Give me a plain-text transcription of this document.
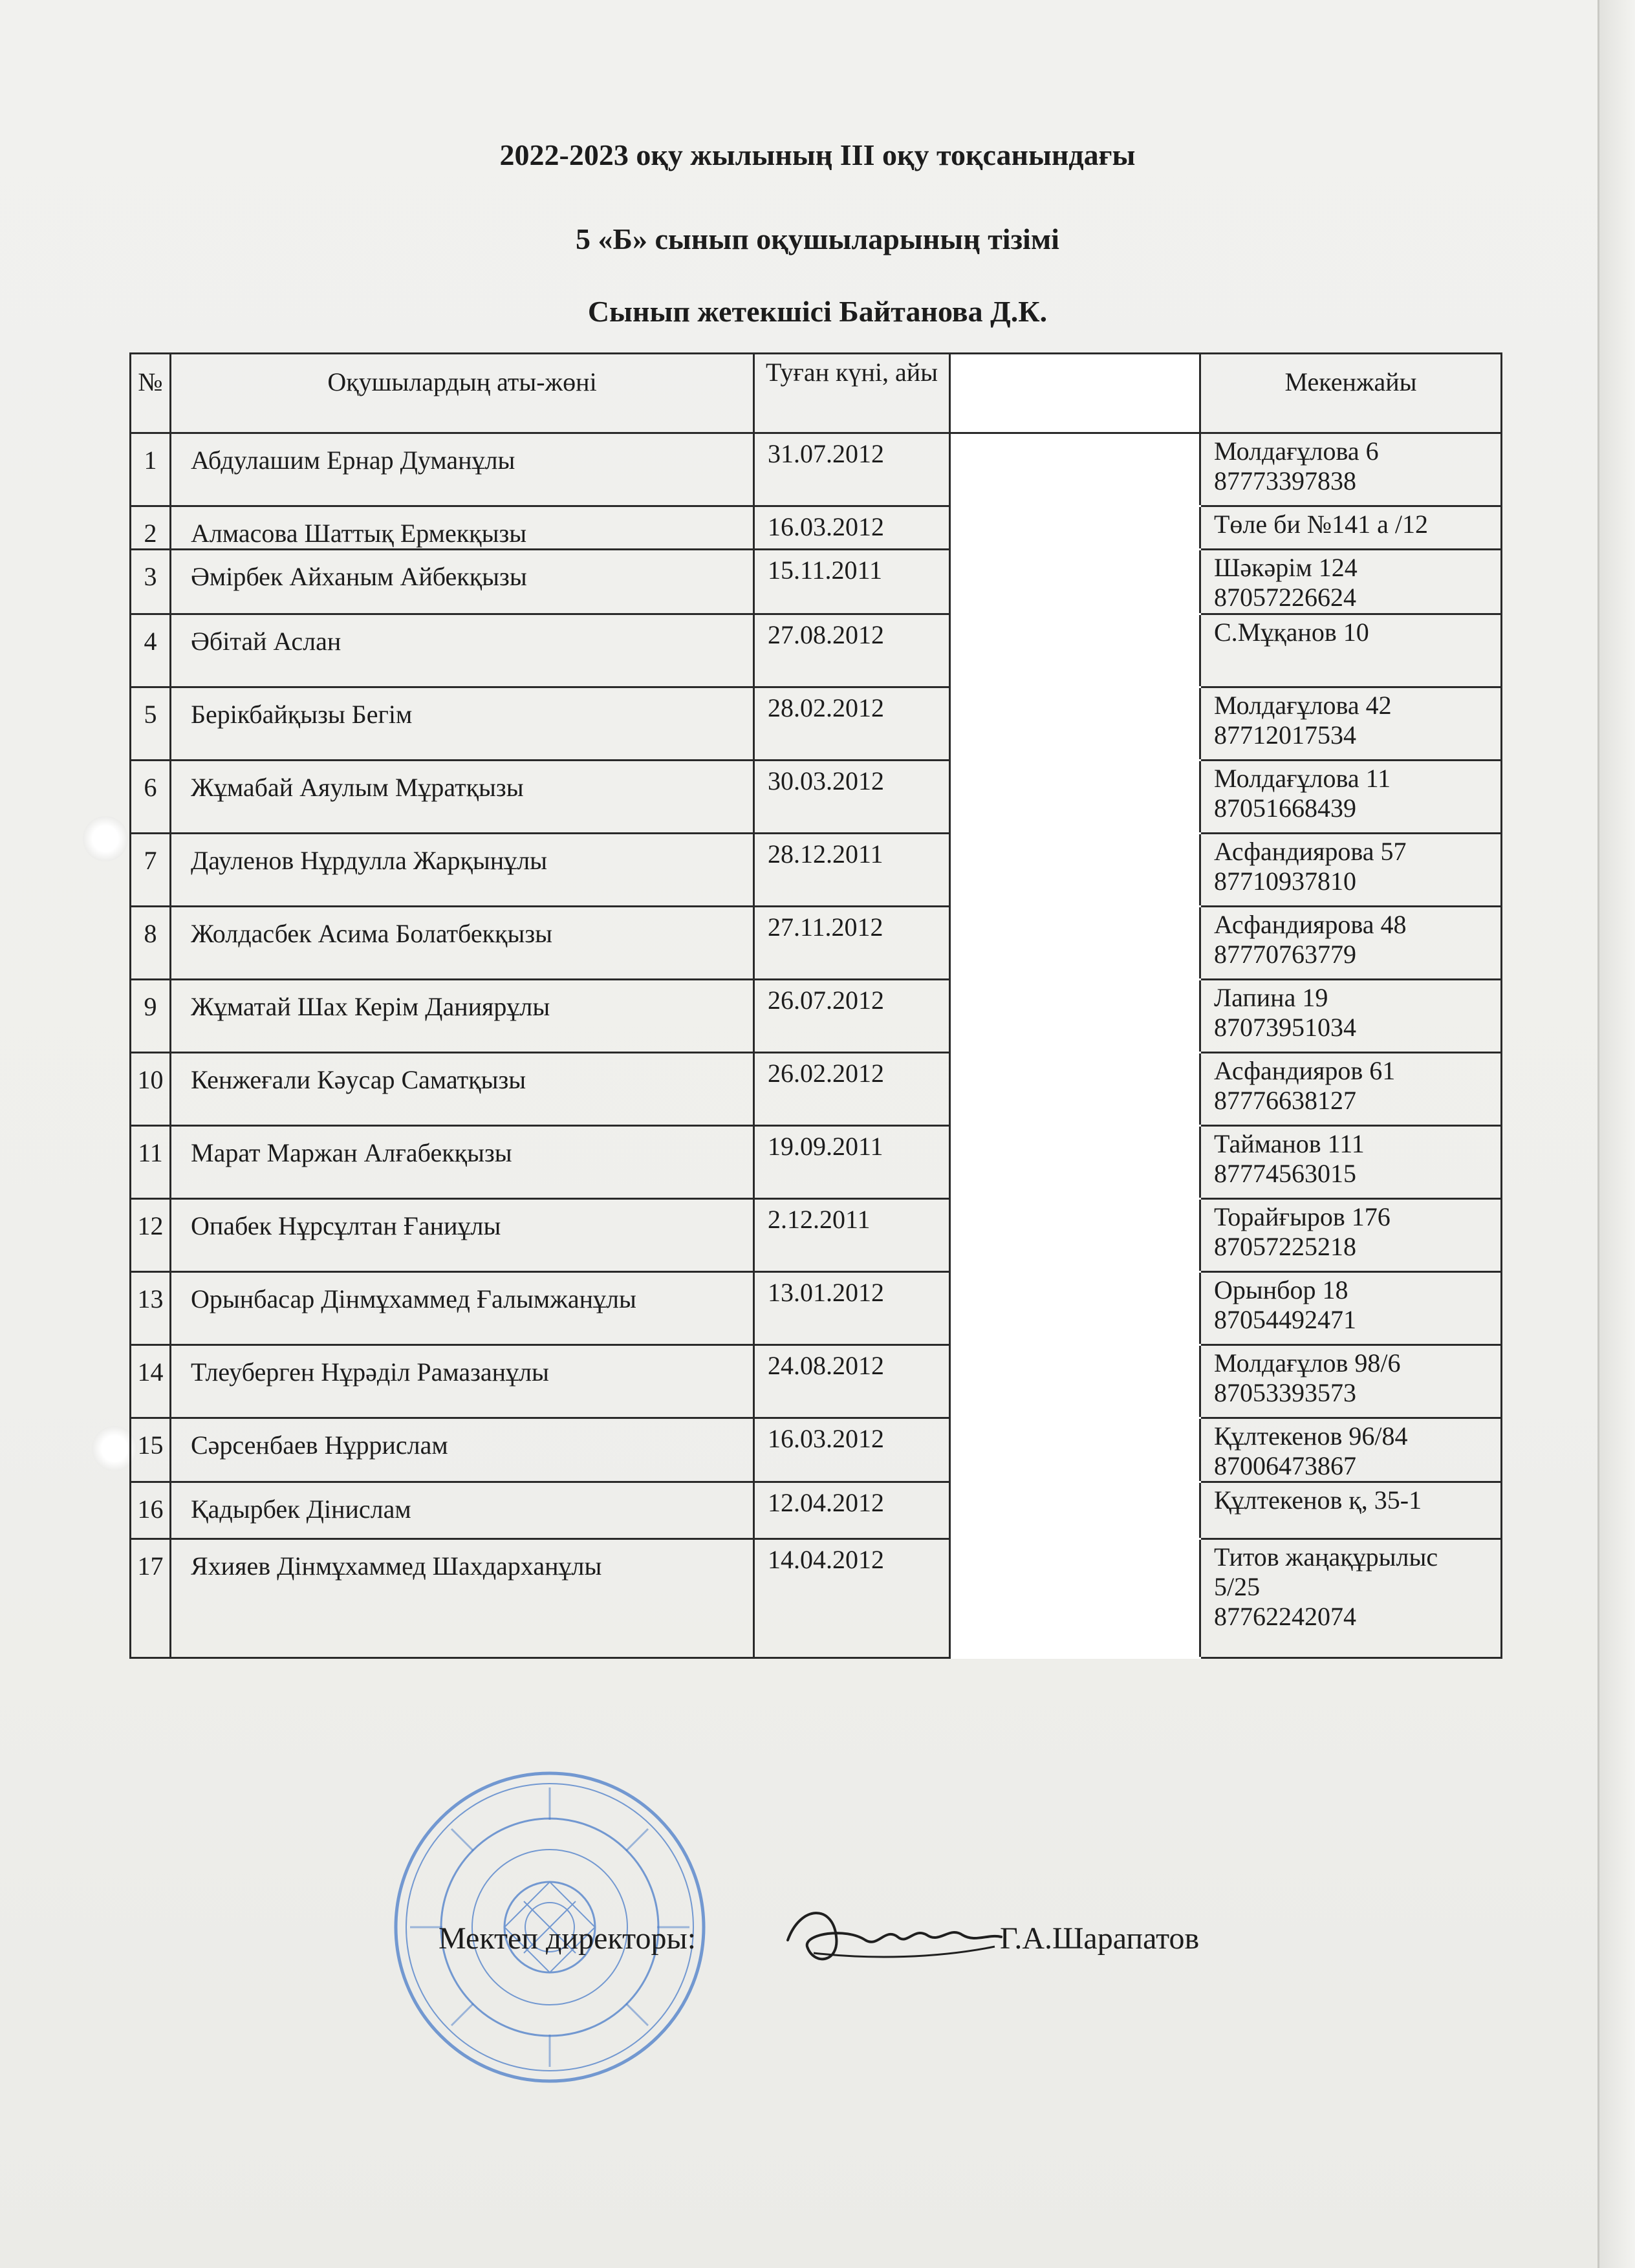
2022-2023 оқу жылының III оқу тоқсанындағы
5 «Б» сынып оқушыларының тізімі
Сынып жетекшісі Байтанова Д.К.
№	Оқушылардың аты-жөні	Туған күні, айы		Мекенжайы
1	Абдулашим Ернар Думанұлы	31.07.2012		Молдағұлова 6
87773397838

2	Алмасова Шаттық Ермекқызы	16.03.2012		Төле би №141 а /12

3	Әмірбек Айханым Айбекқызы	15.11.2011		Шәкәрім 124
87057226624

4	Әбітай Аслан	27.08.2012		С.Мұқанов 10

5	Берікбайқызы Бегім	28.02.2012		Молдағұлова 42
87712017534

6	Жұмабай Аяулым Мұратқызы	30.03.2012		Молдағұлова 11
87051668439

7	Дауленов Нұрдулла Жарқынұлы	28.12.2011		Асфандиярова 57
87710937810

8	Жолдасбек Асима Болатбекқызы	27.11.2012		Асфандиярова 48
87770763779

9	Жұматай Шах Керім Даниярұлы	26.07.2012		Лапина 19
87073951034

10	Кенжеғали Кәусар Саматқызы	26.02.2012		Асфандияров 61
87776638127

11	Марат Маржан Алғабекқызы	19.09.2011		Тайманов 111
87774563015

12	Опабек Нұрсұлтан Ғаниұлы	2.12.2011		Торайғыров 176
87057225218

13	Орынбасар Дінмұхаммед Ғалымжанұлы	13.01.2012		Орынбор 18
87054492471

14	Тлеуберген Нұрәділ Рамазанұлы	24.08.2012		Молдағұлов 98/6
87053393573

15	Сәрсенбаев Нұррислам	16.03.2012		Құлтекенов 96/84
87006473867

16	Қадырбек Діниcлам	12.04.2012		Құлтекенов қ, 35-1

17	Яхияев Дінмұхаммед Шахдарханұлы	14.04.2012		Титов жаңақұрылыс
5/25
87762242074
Мектеп директоры:	Г.А.Шарапатов
